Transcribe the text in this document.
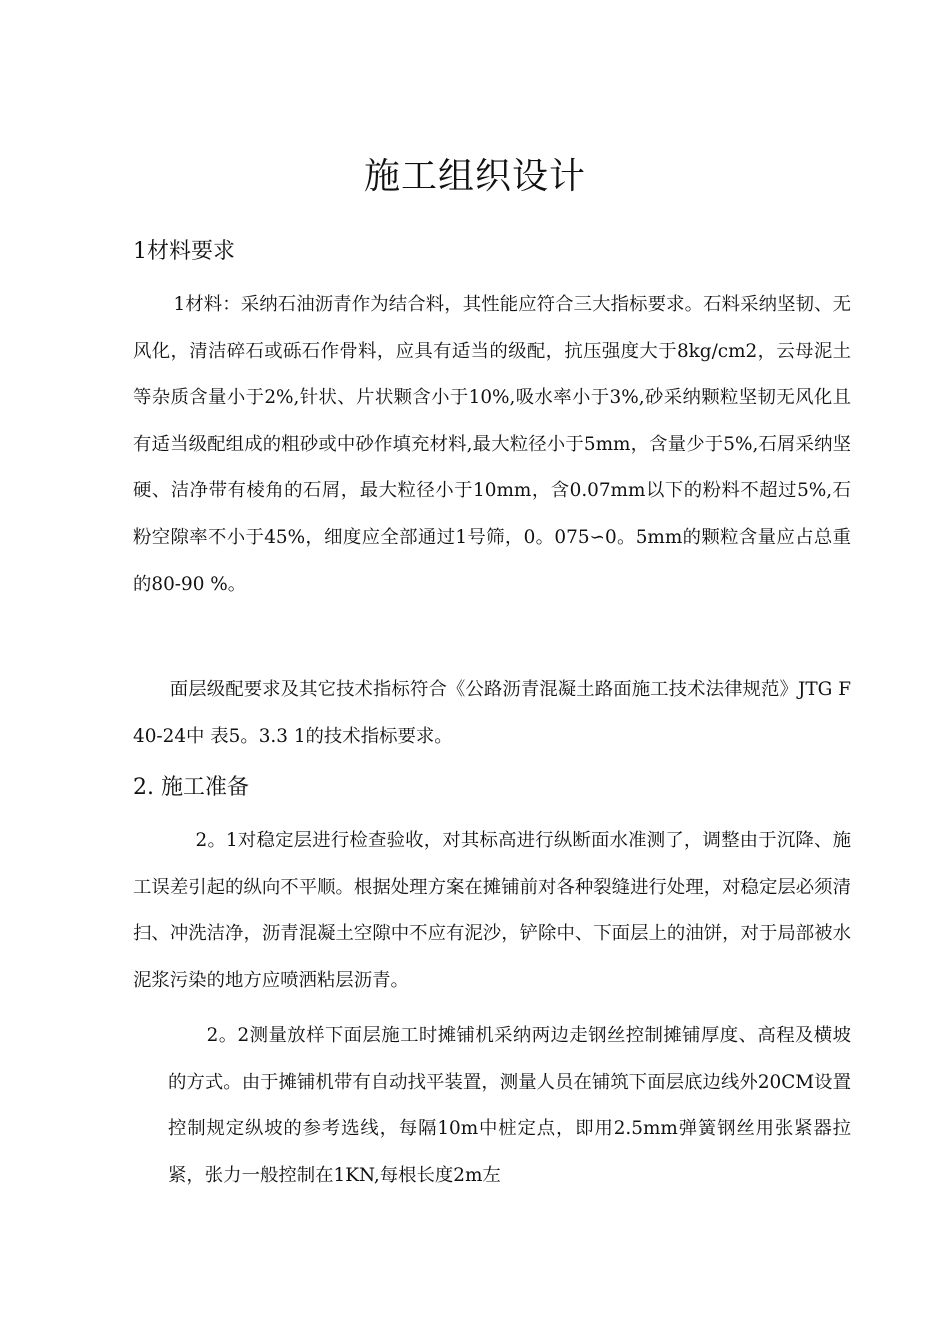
施工组织设计
1材料要求

1材料：采纳石油沥青作为结合料，其性能应符合三大指标要求。石料采纳坚韧、无风化，清洁碎石或砾石作骨料，应具有适当的级配，抗压强度大于8kg/cm2，云母泥土等杂质含量小于2%,针状、片状颗含小于10%,吸水率小于3%,砂采纳颗粒坚韧无风化且有适当级配组成的粗砂或中砂作填充材料,最大粒径小于5mm，含量少于5%,石屑采纳坚硬、洁净带有棱角的石屑，最大粒径小于10mm，含0.07mm以下的粉料不超过5%,石粉空隙率不小于45%，细度应全部通过1号筛，0。075∽0。5mm的颗粒含量应占总重的80-90 %。

面层级配要求及其它技术指标符合《公路沥青混凝土路面施工技术法律规范》JTG F40-24中 表5。3.3 1的技术指标要求。

2. 施工准备

2。1对稳定层进行检查验收，对其标高进行纵断面水准测了，调整由于沉降、施工误差引起的纵向不平顺。根据处理方案在摊铺前对各种裂缝进行处理，对稳定层必须清扫、冲洗洁净，沥青混凝土空隙中不应有泥沙，铲除中、下面层上的油饼，对于局部被水泥浆污染的地方应喷洒粘层沥青。

2。2测量放样下面层施工时摊铺机采纳两边走钢丝控制摊铺厚度、高程及横坡的方式。由于摊铺机带有自动找平装置，测量人员在铺筑下面层底边线外20CM设置控制规定纵坡的参考选线，每隔10m中桩定点，即用2.5mm弹簧钢丝用张紧器拉紧，张力一般控制在1KN,每根长度2m左
